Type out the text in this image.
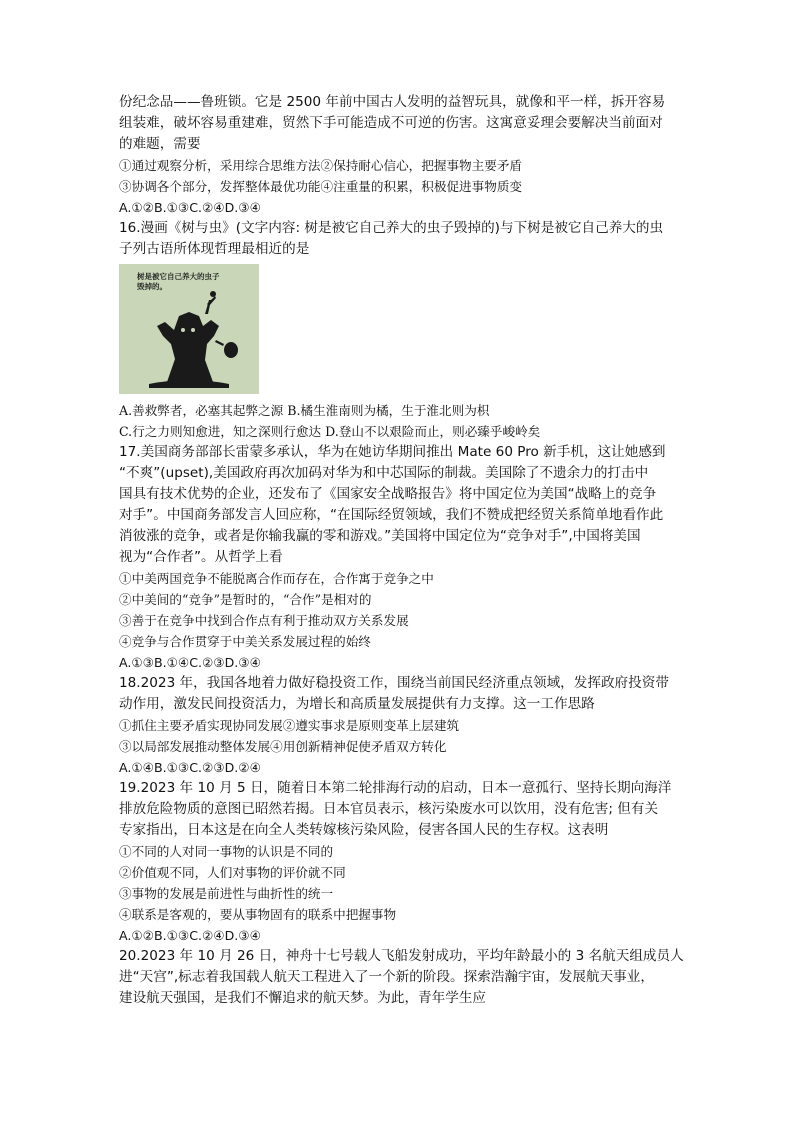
份纪念品——鲁班锁。它是 2500 年前中国古人发明的益智玩具，就像和平一样，拆开容易
组装难，破坏容易重建难，贸然下手可能造成不可逆的伤害。这寓意妥理会要解决当前面对
的难题，需要
①通过观察分析，采用综合思维方法②保持耐心信心，把握事物主要矛盾
③协调各个部分，发挥整体最优功能④注重量的积累，积极促进事物质变
A.①②B.①③C.②④D.③④
16.漫画《树与虫》(文字内容: 树是被它自己养大的虫子毁掉的)与下树是被它自己养大的虫
子列古语所体现哲理最相近的是
树是被它自己养大的虫子
毁掉的。
A.善救弊者，必塞其起弊之源 B.橘生淮南则为橘，生于淮北则为枳
C.行之力则知愈进，知之深则行愈达 D.登山不以艰险而止，则必臻乎峻岭矣
17.美国商务部部长雷蒙多承认，华为在她访华期间推出 Mate 60 Pro 新手机，这让她感到
“不爽”(upset),美国政府再次加码对华为和中芯国际的制裁。美国除了不遗余力的打击中
国具有技术优势的企业，还发布了《国家安全战略报告》将中国定位为美国“战略上的竞争
对手”。中国商务部发言人回应称，“在国际经贸领域，我们不赞成把经贸关系简单地看作此
消彼涨的竞争，或者是你输我赢的零和游戏。”美国将中国定位为“竞争对手”,中国将美国
视为“合作者”。从哲学上看
①中美两国竞争不能脱离合作而存在，合作寓于竞争之中
②中美间的“竞争”是暂时的，“合作”是相对的
③善于在竞争中找到合作点有利于推动双方关系发展
④竞争与合作贯穿于中美关系发展过程的始终
A.①③B.①④C.②③D.③④
18.2023 年，我国各地着力做好稳投资工作，围绕当前国民经济重点领域，发挥政府投资带
动作用，激发民间投资活力，为增长和高质量发展提供有力支撑。这一工作思路
①抓住主要矛盾实现协同发展②遵实事求是原则变革上层建筑
③以局部发展推动整体发展④用创新精神促使矛盾双方转化
A.①④B.①③C.②③D.②④
19.2023 年 10 月 5 日，随着日本第二轮排海行动的启动，日本一意孤行、坚持长期向海洋
排放危险物质的意图已昭然若揭。日本官员表示，核污染废水可以饮用，没有危害; 但有关
专家指出，日本这是在向全人类转嫁核污染风险，侵害各国人民的生存权。这表明
①不同的人对同一事物的认识是不同的
②价值观不同，人们对事物的评价就不同
③事物的发展是前进性与曲折性的统一
④联系是客观的，要从事物固有的联系中把握事物
A.①②B.①③C.②④D.③④
20.2023 年 10 月 26 日，神舟十七号载人飞船发射成功，平均年龄最小的 3 名航天组成员人
进“天宫”,标志着我国载人航天工程进入了一个新的阶段。探索浩瀚宇宙，发展航天事业，
建设航天强国，是我们不懈追求的航天梦。为此，青年学生应
